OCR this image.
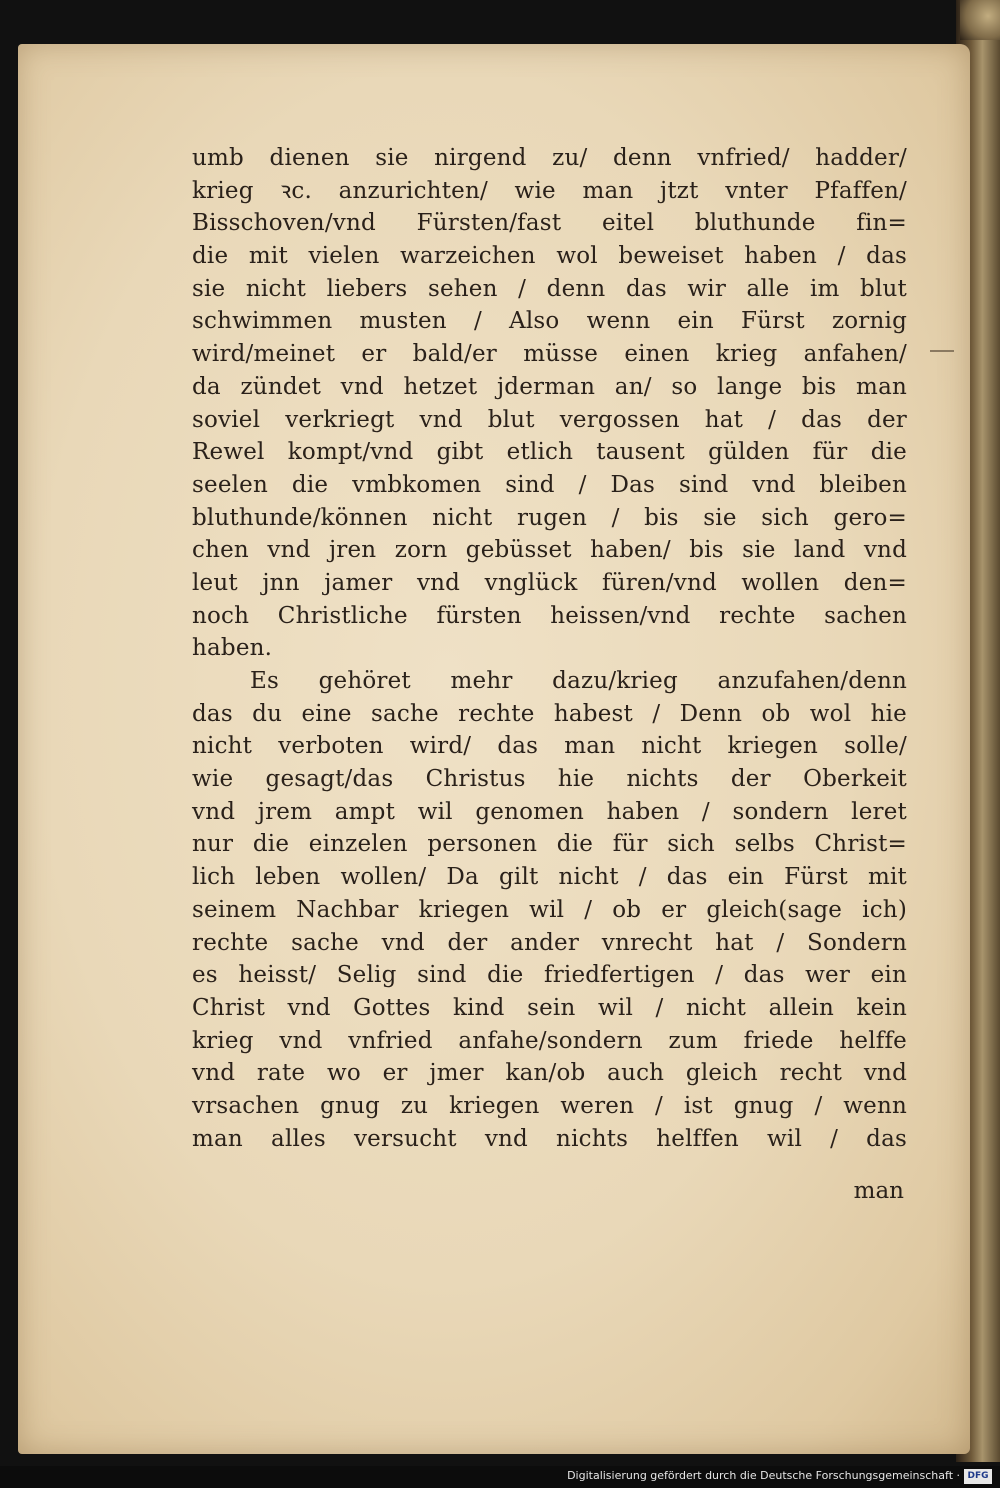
umb dienen sie nirgend zu/ denn vnfried/ hadder/
krieg ꝛc. anzurichten/ wie man jtzt vnter Pfaffen/
Bisschoven/vnd Fürsten/fast eitel bluthunde fin=
die mit vielen warzeichen wol beweiset haben / das
sie nicht liebers sehen / denn das wir alle im blut
schwimmen musten / Also wenn ein Fürst zornig
wird/meinet er bald/er müsse einen krieg anfahen/
da zündet vnd hetzet jderman an/ so lange bis man
soviel verkriegt vnd blut vergossen hat / das der
Rewel kompt/vnd gibt etlich tausent gülden für die
seelen die vmbkomen sind / Das sind vnd bleiben
bluthunde/können nicht rugen / bis sie sich gero=
chen vnd jren zorn gebüsset haben/ bis sie land vnd
leut jnn jamer vnd vnglück füren/vnd wollen den=
noch Christliche fürsten heissen/vnd rechte sachen
haben.
Es gehöret mehr dazu/krieg anzufahen/denn
das du eine sache rechte habest / Denn ob wol hie
nicht verboten wird/ das man nicht kriegen solle/
wie gesagt/das Christus hie nichts der Oberkeit
vnd jrem ampt wil genomen haben / sondern leret
nur die einzelen personen die für sich selbs Christ=
lich leben wollen/ Da gilt nicht / das ein Fürst mit
seinem Nachbar kriegen wil / ob er gleich(sage ich)
rechte sache vnd der ander vnrecht hat / Sondern
es heisst/ Selig sind die friedfertigen / das wer ein
Christ vnd Gottes kind sein wil / nicht allein kein
krieg vnd vnfried anfahe/sondern zum friede helffe
vnd rate wo er jmer kan/ob auch gleich recht vnd
vrsachen gnug zu kriegen weren / ist gnug / wenn
man alles versucht vnd nichts helffen wil / das
man
Digitalisierung gefördert durch die Deutsche Forschungsgemeinschaft · DFG
